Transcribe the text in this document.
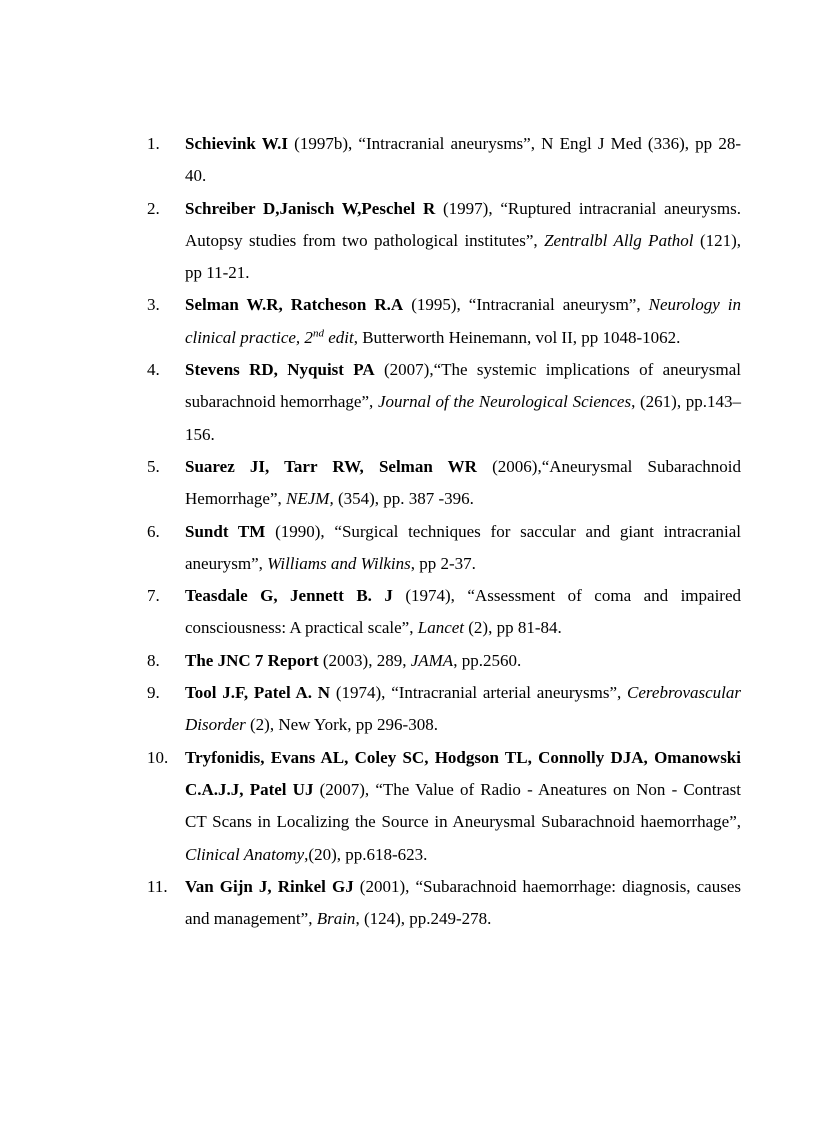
1. Schievink W.I (1997b), “Intracranial aneurysms”, N Engl J Med (336), pp 28-40.
2. Schreiber D,Janisch W,Peschel R (1997), “Ruptured intracranial aneurysms. Autopsy studies from two pathological institutes”, Zentralbl Allg Pathol (121), pp 11-21.
3. Selman W.R, Ratcheson R.A (1995), “Intracranial aneurysm”, Neurology in clinical practice, 2nd edit, Butterworth Heinemann, vol II, pp 1048-1062.
4. Stevens RD, Nyquist PA (2007),“The systemic implications of aneurysmal subarachnoid hemorrhage”, Journal of the Neurological Sciences, (261), pp.143–156.
5. Suarez JI, Tarr RW, Selman WR (2006),“Aneurysmal Subarachnoid Hemorrhage”, NEJM, (354), pp. 387 -396.
6. Sundt TM (1990), “Surgical techniques for saccular and giant intracranial aneurysm”, Williams and Wilkins, pp 2-37.
7. Teasdale G, Jennett B. J (1974), “Assessment of coma and impaired consciousness: A practical scale”, Lancet (2), pp 81-84.
8. The JNC 7 Report (2003), 289, JAMA, pp.2560.
9. Tool J.F, Patel A. N (1974), “Intracranial arterial aneurysms”, Cerebrovascular Disorder (2), New York, pp 296-308.
10. Tryfonidis, Evans AL, Coley SC, Hodgson TL, Connolly DJA, Omanowski C.A.J.J, Patel UJ (2007), “The Value of Radio - Aneatures on Non - Contrast CT Scans in Localizing the Source in Aneurysmal Subarachnoid haemorrhage”, Clinical Anatomy,(20), pp.618-623.
11. Van Gijn J, Rinkel GJ (2001), “Subarachnoid haemorrhage: diagnosis, causes and management”, Brain, (124), pp.249-278.
